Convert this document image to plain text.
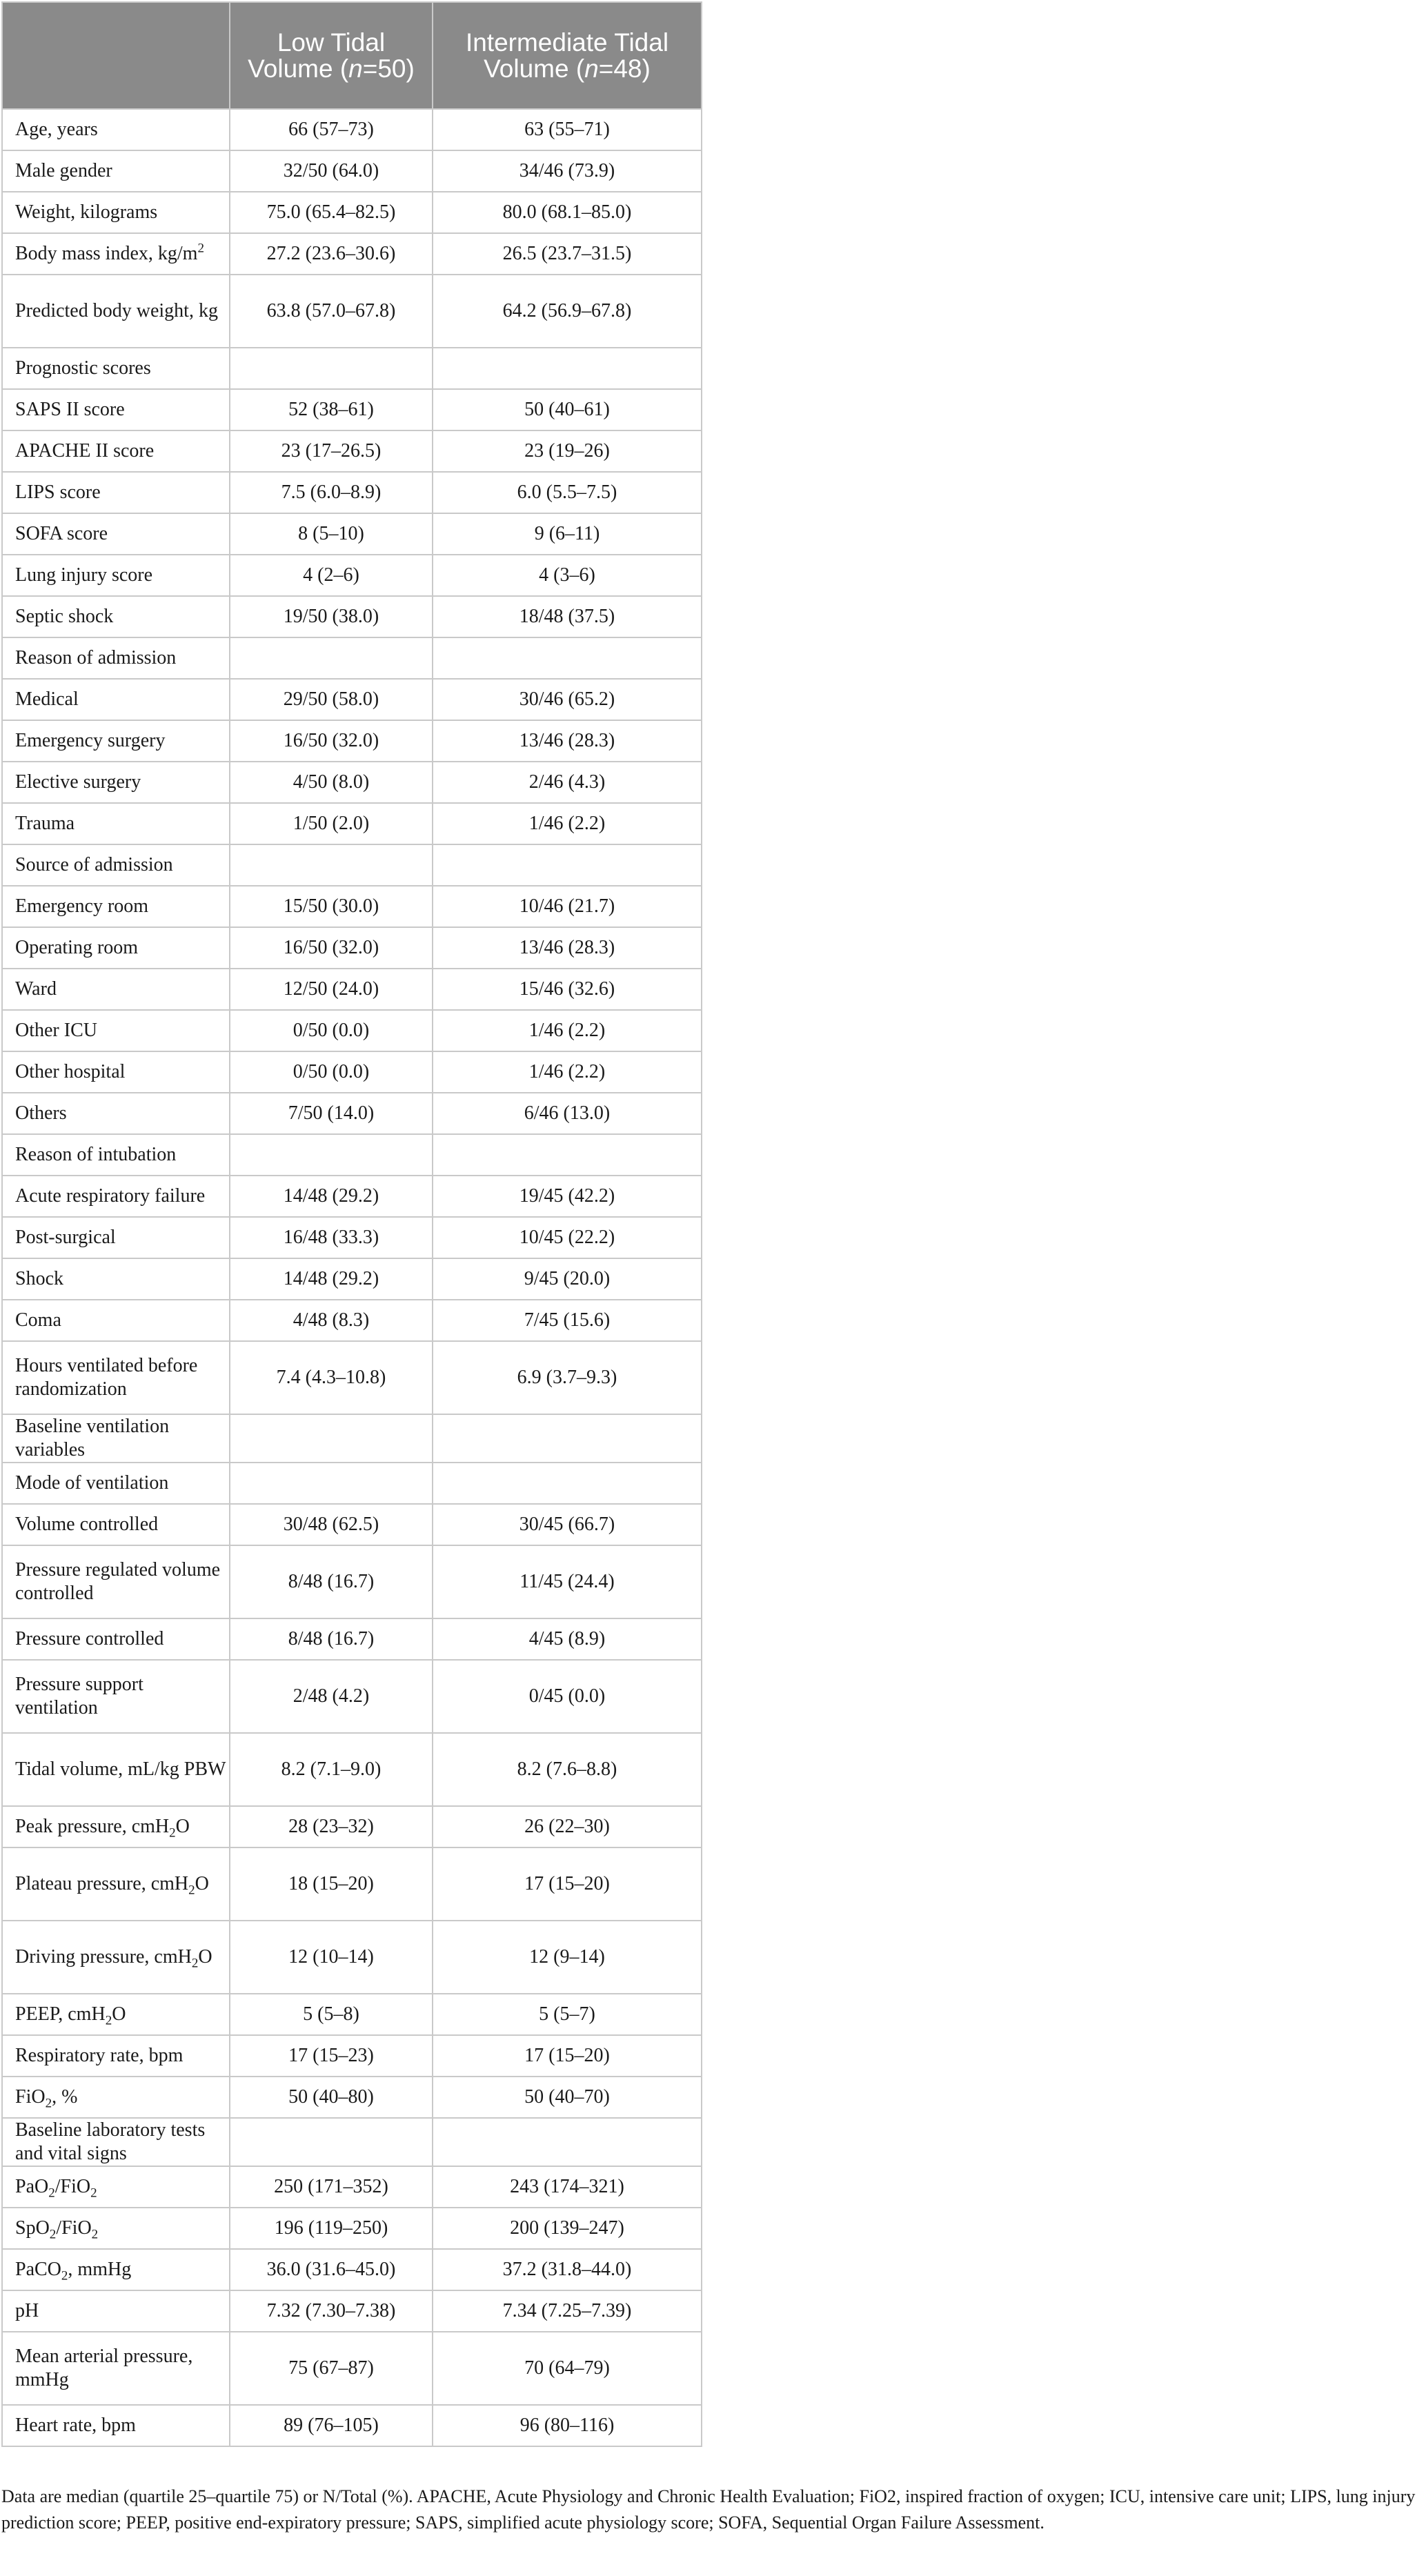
	Low Tidal Volume (n=50)	Intermediate Tidal Volume (n=48)
Age, years	66 (57–73)	63 (55–71)
Male gender	32/50 (64.0)	34/46 (73.9)
Weight, kilograms	75.0 (65.4–82.5)	80.0 (68.1–85.0)
Body mass index, $kg/m^2$	27.2 (23.6–30.6)	26.5 (23.7–31.5)
Predicted body weight, kg	63.8 (57.0–67.8)	64.2 (56.9–67.8)
Prognostic scores		
SAPS II score	52 (38–61)	50 (40–61)
APACHE II score	23 (17–26.5)	23 (19–26)
LIPS score	7.5 (6.0–8.9)	6.0 (5.5–7.5)
SOFA score	8 (5–10)	9 (6–11)
Lung injury score	4 (2–6)	4 (3–6)
Septic shock	19/50 (38.0)	18/48 (37.5)
Reason of admission		
Medical	29/50 (58.0)	30/46 (65.2)
Emergency surgery	16/50 (32.0)	13/46 (28.3)
Elective surgery	4/50 (8.0)	2/46 (4.3)
Trauma	1/50 (2.0)	1/46 (2.2)
Source of admission		
Emergency room	15/50 (30.0)	10/46 (21.7)
Operating room	16/50 (32.0)	13/46 (28.3)
Ward	12/50 (24.0)	15/46 (32.6)
Other ICU	0/50 (0.0)	1/46 (2.2)
Other hospital	0/50 (0.0)	1/46 (2.2)
Others	7/50 (14.0)	6/46 (13.0)
Reason of intubation		
Acute respiratory failure	14/48 (29.2)	19/45 (42.2)
Post-surgical	16/48 (33.3)	10/45 (22.2)
Shock	14/48 (29.2)	9/45 (20.0)
Coma	4/48 (8.3)	7/45 (15.6)
Hours ventilated before randomization	7.4 (4.3–10.8)	6.9 (3.7–9.3)
Baseline ventilation variables		
Mode of ventilation		
Volume controlled	30/48 (62.5)	30/45 (66.7)
Pressure regulated volume controlled	8/48 (16.7)	11/45 (24.4)
Pressure controlled	8/48 (16.7)	4/45 (8.9)
Pressure support ventilation	2/48 (4.2)	0/45 (0.0)
Tidal volume, mL/kg PBW	8.2 (7.1–9.0)	8.2 (7.6–8.8)
Peak pressure, cmH$_2$O	28 (23–32)	26 (22–30)
Plateau pressure, cmH$_2$O	18 (15–20)	17 (15–20)
Driving pressure, cmH$_2$O	12 (10–14)	12 (9–14)
PEEP, cmH$_2$O	5 (5–8)	5 (5–7)
Respiratory rate, bpm	17 (15–23)	17 (15–20)
FiO$_2$, %	50 (40–80)	50 (40–70)
Baseline laboratory tests and vital signs		
PaO$_2$/FiO$_2$	250 (171–352)	243 (174–321)
SpO$_2$/FiO$_2$	196 (119–250)	200 (139–247)
PaCO$_2$, mmHg	36.0 (31.6–45.0)	37.2 (31.8–44.0)
pH	7.32 (7.30–7.38)	7.34 (7.25–7.39)
Mean arterial pressure, mmHg	75 (67–87)	70 (64–79)
Heart rate, bpm	89 (76–105)	96 (80–116)
Data are median (quartile 25–quartile 75) or N/Total (%). APACHE, Acute Physiology and Chronic Health Evaluation; FiO2, inspired fraction of oxygen; ICU, intensive care unit; LIPS, lung injury prediction score; PEEP, positive end-expiratory pressure; SAPS, simplified acute physiology score; SOFA, Sequential Organ Failure Assessment.
